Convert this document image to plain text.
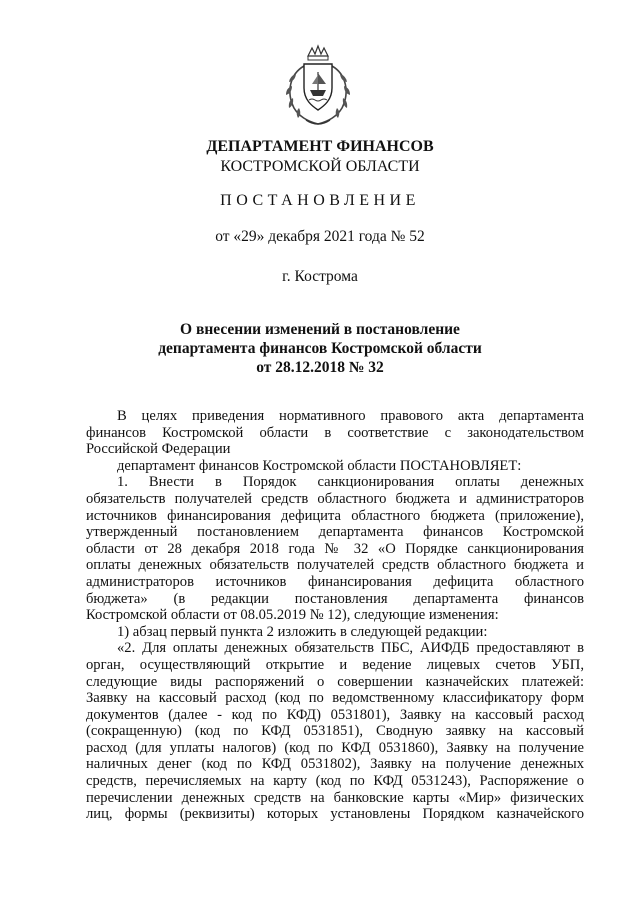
ДЕПАРТАМЕНТ ФИНАНСОВ
КОСТРОМСКОЙ ОБЛАСТИ
ПОСТАНОВЛЕНИЕ
от «29» декабря 2021 года № 52
г. Кострома
О внесении изменений в постановление
департамента финансов Костромской области
от 28.12.2018 № 32
В целях приведения нормативного правового акта департамента
финансов Костромской области в соответствие с законодательством
Российской Федерации
департамент финансов Костромской области ПОСТАНОВЛЯЕТ:
1. Внести в Порядок санкционирования оплаты денежных
обязательств получателей средств областного бюджета и администраторов
источников финансирования дефицита областного бюджета (приложение),
утвержденный постановлением департамента финансов Костромской
области от 28 декабря 2018 года № 32 «О Порядке санкционирования
оплаты денежных обязательств получателей средств областного бюджета и
администраторов источников финансирования дефицита областного
бюджета» (в редакции постановления департамента финансов
Костромской области от 08.05.2019 № 12), следующие изменения:
1) абзац первый пункта 2 изложить в следующей редакции:
«2. Для оплаты денежных обязательств ПБС, АИФДБ предоставляют в
орган, осуществляющий открытие и ведение лицевых счетов УБП,
следующие виды распоряжений о совершении казначейских платежей:
Заявку на кассовый расход (код по ведомственному классификатору форм
документов (далее - код по КФД) 0531801), Заявку на кассовый расход
(сокращенную) (код по КФД 0531851), Сводную заявку на кассовый
расход (для уплаты налогов) (код по КФД 0531860), Заявку на получение
наличных денег (код по КФД 0531802), Заявку на получение денежных
средств, перечисляемых на карту (код по КФД 0531243), Распоряжение о
перечислении денежных средств на банковские карты «Мир» физических
лиц, формы (реквизиты) которых установлены Порядком казначейского
